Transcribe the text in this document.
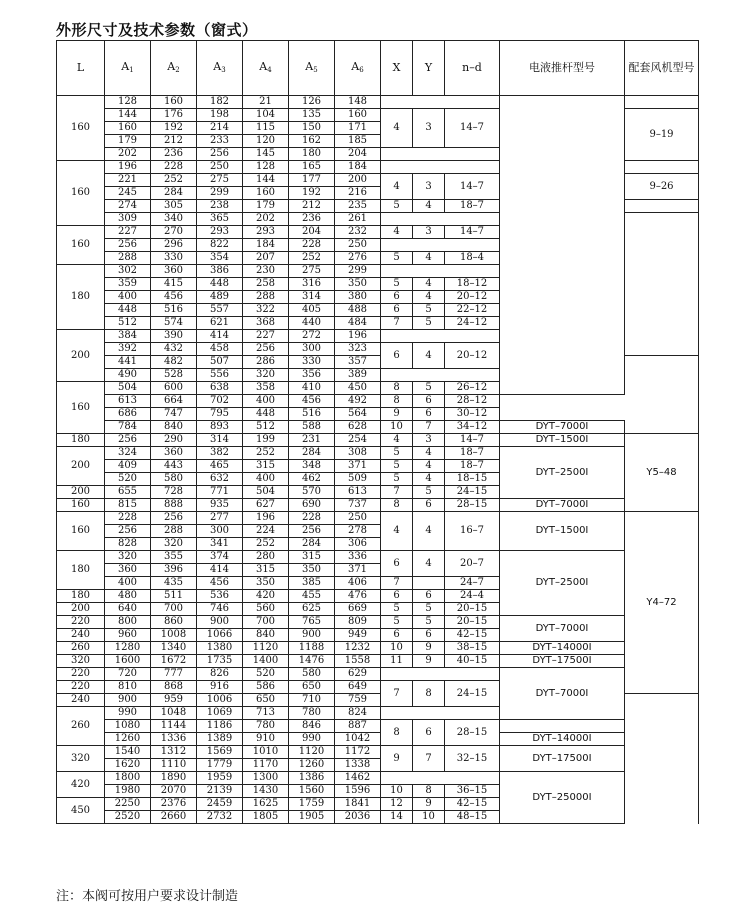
外形尺寸及技术参数（窗式）
L	$A_1$	$A_2$	$A_3$	$A_4$	$A_5$	$A_6$	X	Y	n–d	电液推杆型号	配套风机型号	
160	128	160	182	21	126	148						
	144	176	198	104	135	160	4	3	14–7		9–19	
	160	192	214	115	150	171						
	179	212	233	120	162	185						
	202	236	256	145	180	204						
160	196	228	250	128	165	184						
	221	252	275	144	177	200	4	3	14–7		9–26	
	245	284	299	160	192	216						
	274	305	238	179	212	235	5	4	18–7			
	309	340	365	202	236	261						
160	227	270	293	293	204	232	4	3	14–7			
	256	296	822	184	228	250						
	288	330	354	207	252	276	5	4	18–4			
180	302	360	386	230	275	299						
	359	415	448	258	316	350	5	4	18–12			
	400	456	489	288	314	380	6	4	20–12			
	448	516	557	322	405	488	6	5	22–12			
	512	574	621	368	440	484	7	5	24–12			
200	384	390	414	227	272	196		
	392	432	458	256	300	323	6	4	20–12			
	441	482	507	286	330	357						
	490	528	556	320	356	389						
160	504	600	638	358	410	450	8	5	26–12			
	613	664	702	400	456	492	8	6	28–12			
	686	747	795	448	516	564	9	6	30–12			
	784	840	893	512	588	628	10	7	34–12	DYT–7000Ⅰ		
180	256	290	314	199	231	254	4	3	14–7	DYT–1500Ⅰ	Y5–48	
200	324	360	382	252	284	308	5	4	18–7	DYT–2500Ⅰ		
	409	443	465	315	348	371	5	4	18–7			
	520	580	632	400	462	509	5	4	18–15			
200	655	728	771	504	570	613	7	5	24–15			
160	815	888	935	627	690	737	8	6	28–15	DYT–7000Ⅰ		
160	228	256	277	196	228	250	4	4	16–7	DYT–1500Ⅰ	Y4–72	
	256	288	300	224	256	278						
	828	320	341	252	284	306						
180	320	355	374	280	315	336	6	4	20–7	DYT–2500Ⅰ		
	360	396	414	315	350	371						
	400	435	456	350	385	406	7		24–7			
180	480	511	536	420	455	476	6	6	24–4			
200	640	700	746	560	625	669	5	5	20–15			
220	800	860	900	700	765	809	5	5	20–15	DYT–7000Ⅰ		
240	960	1008	1066	840	900	949	6	6	42–15			
260	1280	1340	1380	1120	1188	1232	10	9	38–15	DYT–14000Ⅰ		
320	1600	1672	1735	1400	1476	1558	11	9	40–15	DYT–17500Ⅰ		
220	720	777	826	520	580	629				DYT–7000Ⅰ	
220	810	868	916	586	650	649	7	8	24–15			
240	900	959	1006	650	710	759						
260	990	1048	1069	713	780	824						
	1080	1144	1186	780	846	887	8	6	28–15			
	1260	1336	1389	910	990	1042				DYT–14000Ⅰ		
320	1540	1312	1569	1010	1120	1172	9	7	32–15	DYT–17500Ⅰ		
	1620	1110	1779	1170	1260	1338						
420	1800	1890	1959	1300	1386	1462				DYT–25000Ⅰ		
	1980	2070	2139	1430	1560	1596	10	8	36–15			
450	2250	2376	2459	1625	1759	1841	12	9	42–15			
	2520	2660	2732	1805	1905	2036	14	10	48–15			
注：本阀可按用户要求设计制造
